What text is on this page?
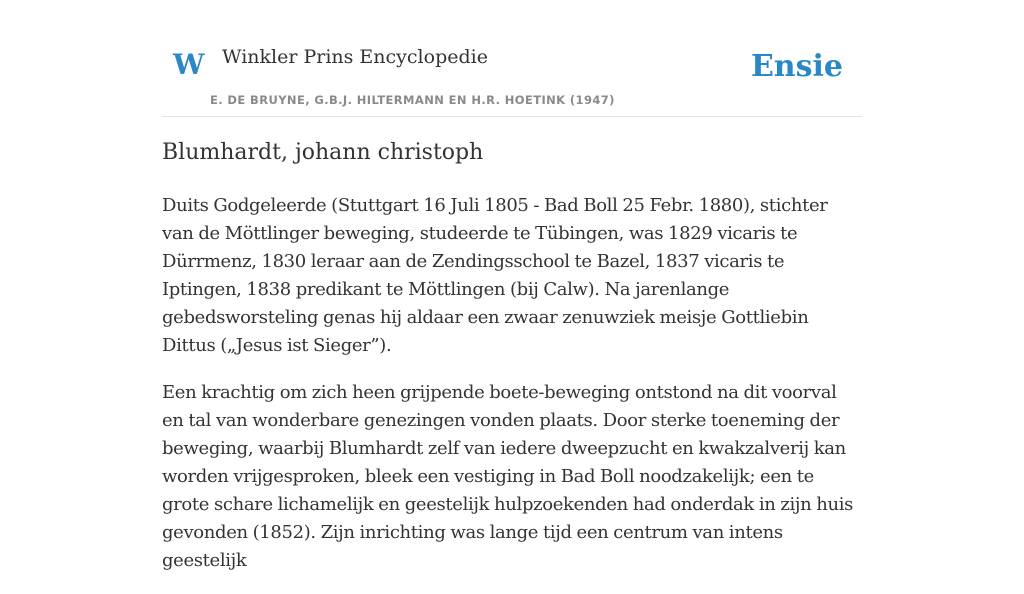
W Winkler Prins Encyclopedie
E. DE BRUYNE, G.B.J. HILTERMANN EN H.R. HOETINK (1947)
Ensie
Blumhardt, johann christoph

Duits Godgeleerde (Stuttgart 16 Juli 1805 - Bad Boll 25 Febr. 1880), stichter van de Möttlinger beweging, studeerde te Tübingen, was 1829 vicaris te Dürrmenz, 1830 leraar aan de Zendingsschool te Bazel, 1837 vicaris te Iptingen, 1838 predikant te Möttlingen (bij Calw). Na jarenlange gebedsworsteling genas hij aldaar een zwaar zenuwziek meisje Gottliebin Dittus („Jesus ist Sieger”).

Een krachtig om zich heen grijpende boete-beweging ontstond na dit voorval en tal van wonderbare genezingen vonden plaats. Door sterke toeneming der beweging, waarbij Blumhardt zelf van iedere dweepzucht en kwakzalverij kan worden vrijgesproken, bleek een vestiging in Bad Boll noodzakelijk; een te grote schare lichamelijk en geestelijk hulpzoekenden had onderdak in zijn huis gevonden (1852). Zijn inrichting was lange tijd een centrum van intens geestelijk
